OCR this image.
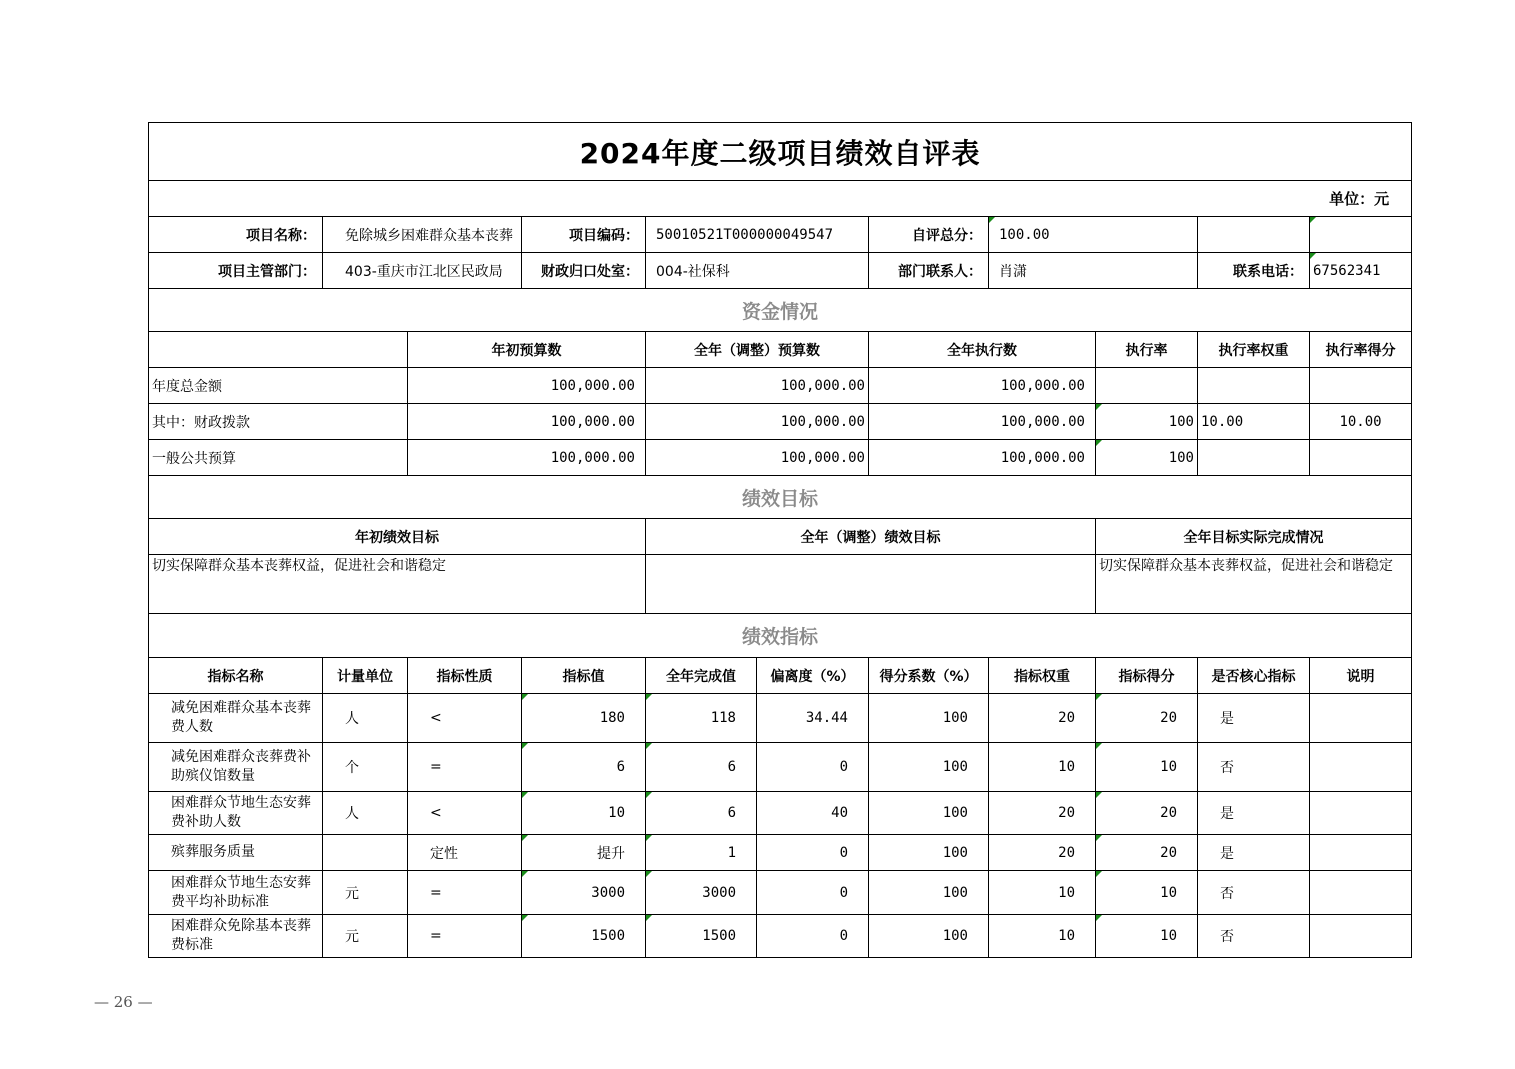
2024年度二级项目绩效自评表										
单位：元										
项目名称：	免除城乡困难群众基本丧葬		项目编码：	50010521T000000049547		自评总分：	100.00			
项目主管部门：	403-重庆市江北区民政局		财政归口处室：	004-社保科		部门联系人：	肖潇		联系电话：	67562341
资金情况										
		年初预算数		全年（调整）预算数		全年执行数		执行率	执行率权重	执行率得分
年度总金额		100,000.00		100,000.00		100,000.00				
其中：财政拨款		100,000.00		100,000.00		100,000.00		100	10.00	10.00
一般公共预算		100,000.00		100,000.00		100,000.00		100		
绩效目标										
年初绩效目标				全年（调整）绩效目标				全年目标实际完成情况		
切实保障群众基本丧葬权益，促进社会和谐稳定								切实保障群众基本丧葬权益，促进社会和谐稳定		
绩效指标										
指标名称	计量单位	指标性质	指标值	全年完成值	偏离度（%）	得分系数（%）	指标权重	指标得分	是否核心指标	说明
减免困难群众基本丧葬费人数	人	<	180	118	34.44	100	20	20	是	
减免困难群众丧葬费补助殡仪馆数量	个	=	6	6	0	100	10	10	否	
困难群众节地生态安葬费补助人数	人	<	10	6	40	100	20	20	是	
殡葬服务质量		定性	提升	1	0	100	20	20	是	
困难群众节地生态安葬费平均补助标准	元	=	3000	3000	0	100	10	10	否	
困难群众免除基本丧葬费标准	元	=	1500	1500	0	100	10	10	否	
— 26 —
